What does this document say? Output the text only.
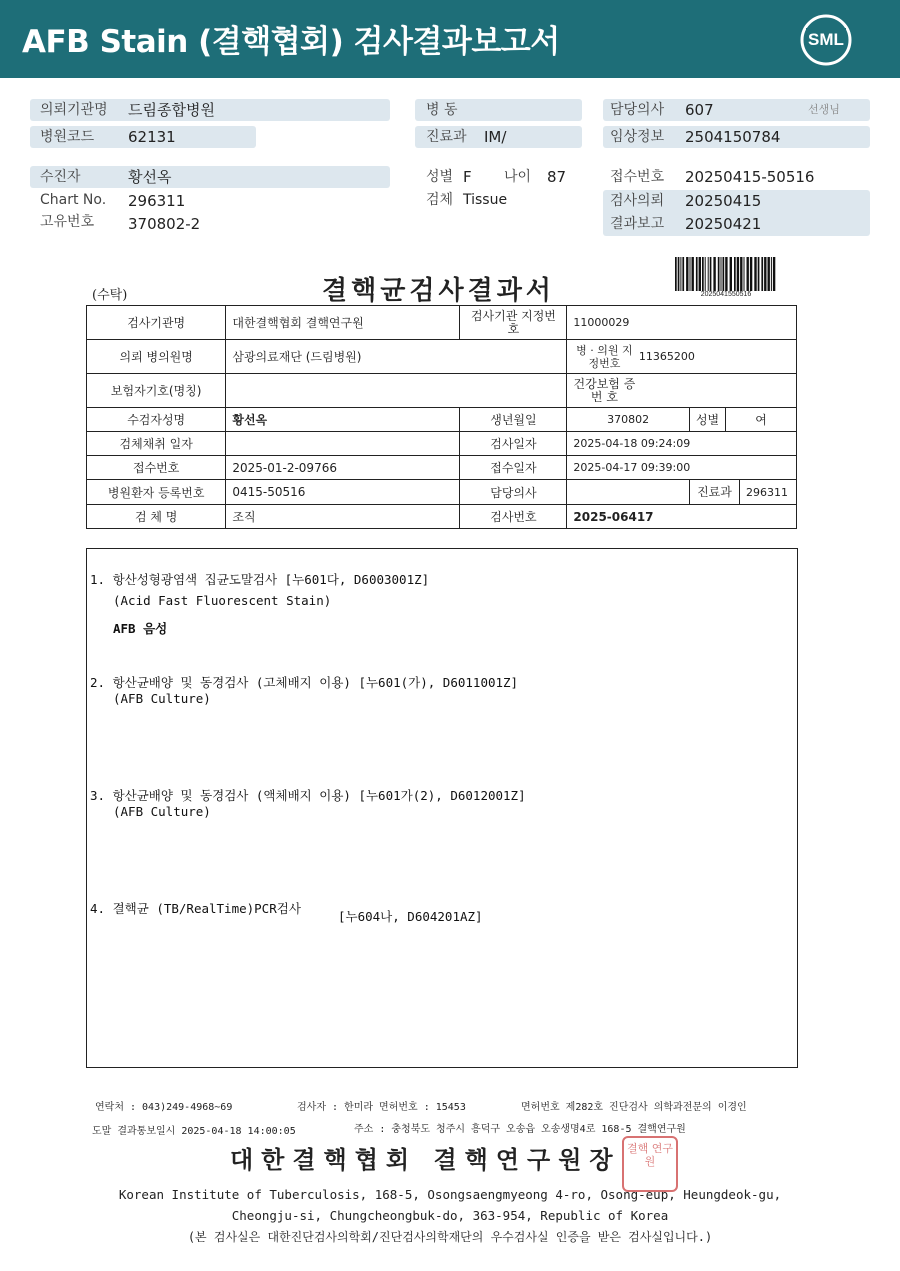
AFB Stain (결핵협회) 검사결과보고서	SML
의뢰기관명 드림종합병원
병원코드 62131
병 동
진료과 IM/
담당의사 607	선생님
임상정보 2504150784
수진자	황선옥
Chart No. 296311
고유번호 370802-2
성별 F 나이 87
검체 Tissue
접수번호 20250415-50516
검사의뢰 20250415
결과보고 20250421
(수탁)	결핵균검사결과서	2025041550516
검사기관명	대한결핵협회 결핵연구원	검사기관 지정번호	11000029		
의뢰 병의원명	삼광의료재단 (드림병원)		병 · 의원 지정번호 11365200		
보험자기호(명칭)			건강보험 증 번 호		
수검자성명	황선옥	생년월일	370802	성별	여
검체채취 일자		검사일자	2025-04-18 09:24:09		
접수번호	2025-01-2-09766	접수일자	2025-04-17 09:39:00		
병원환자 등록번호	0415-50516	담당의사		진료과 296311	
검 체 명	조직	검사번호	2025-06417		
1. 항산성형광염색 집균도말검사 [누601다, D6003001Z]
(Acid Fast Fluorescent Stain)
AFB 음성
2. 항산균배양 및 동경검사 (고체배지 이용) [누601(가), D6011001Z]
(AFB Culture)
3. 항산균배양 및 동경검사 (액체배지 이용) [누601가(2), D6012001Z]
(AFB Culture)
4. 결핵균 (TB/RealTime)PCR검사
[누604나, D604201AZ]
연락처 : 043)249-4968~69	검사자 : 한미라 면허번호 : 15453	면허번호 제282호 진단검사 의학과전문의 이경인
도말 결과통보일시 2025-04-18 14:00:05	주소 : 충청북도 청주시 흥덕구 오송읍 오송생명4로 168-5 결핵연구원
대한결핵협회 결핵연구원장 결핵 연구원
Korean Institute of Tuberculosis, 168-5, Osongsaengmyeong 4-ro, Osong-eup, Heungdeok-gu,
Cheongju-si, Chungcheongbuk-do, 363-954, Republic of Korea
(본 검사실은 대한진단검사의학회/진단검사의학재단의 우수검사실 인증을 받은 검사실입니다.)
